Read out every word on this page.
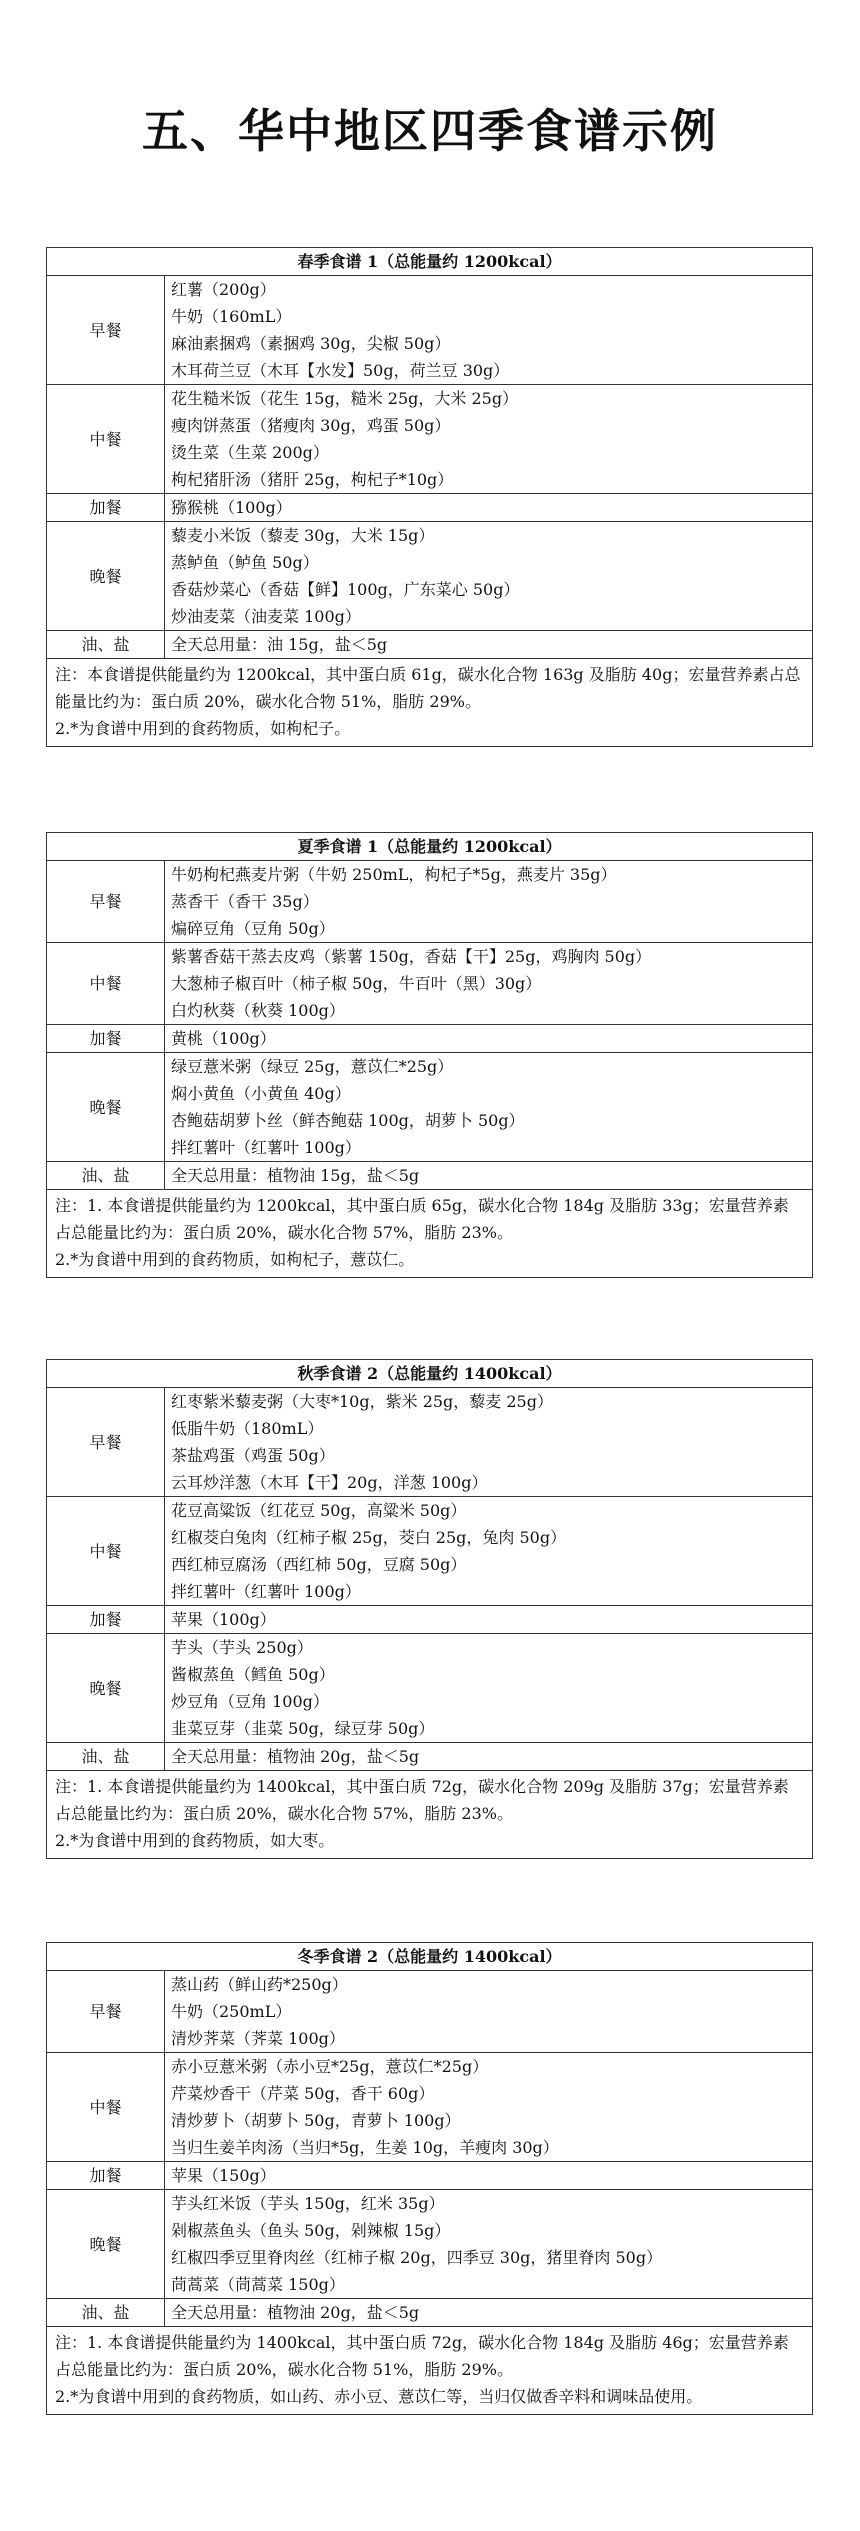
五、华中地区四季食谱示例
春季食谱 1（总能量约 1200kcal）	
早餐	红薯（200g）
牛奶（160mL）
麻油素捆鸡（素捆鸡 30g，尖椒 50g）
木耳荷兰豆（木耳【水发】50g，荷兰豆 30g）

中餐	花生糙米饭（花生 15g，糙米 25g，大米 25g）
瘦肉饼蒸蛋（猪瘦肉 30g，鸡蛋 50g）
烫生菜（生菜 200g）
枸杞猪肝汤（猪肝 25g，枸杞子*10g）

加餐	猕猴桃（100g）

晚餐	藜麦小米饭（藜麦 30g，大米 15g）
蒸鲈鱼（鲈鱼 50g）
香菇炒菜心（香菇【鲜】100g，广东菜心 50g）
炒油麦菜（油麦菜 100g）

油、盐	全天总用量：油 15g，盐＜5g

注：本食谱提供能量约为 1200kcal，其中蛋白质 61g，碳水化合物 163g 及脂肪 40g；宏量营养素占总能量比约为：蛋白质 20%，碳水化合物 51%，脂肪 29%。
2.*为食谱中用到的食药物质，如枸杞子。	
夏季食谱 1（总能量约 1200kcal）	
早餐	牛奶枸杞燕麦片粥（牛奶 250mL，枸杞子*5g，燕麦片 35g）
蒸香干（香干 35g）
煸碎豆角（豆角 50g）

中餐	紫薯香菇干蒸去皮鸡（紫薯 150g，香菇【干】25g，鸡胸肉 50g）
大葱柿子椒百叶（柿子椒 50g，牛百叶（黑）30g）
白灼秋葵（秋葵 100g）

加餐	黄桃（100g）

晚餐	绿豆薏米粥（绿豆 25g，薏苡仁*25g）
焖小黄鱼（小黄鱼 40g）
杏鲍菇胡萝卜丝（鲜杏鲍菇 100g，胡萝卜 50g）
拌红薯叶（红薯叶 100g）

油、盐	全天总用量：植物油 15g，盐＜5g

注：1. 本食谱提供能量约为 1200kcal，其中蛋白质 65g，碳水化合物 184g 及脂肪 33g；宏量营养素占总能量比约为：蛋白质 20%，碳水化合物 57%，脂肪 23%。
2.*为食谱中用到的食药物质，如枸杞子，薏苡仁。	
秋季食谱 2（总能量约 1400kcal）	
早餐	红枣紫米藜麦粥（大枣*10g，紫米 25g，藜麦 25g）
低脂牛奶（180mL）
茶盐鸡蛋（鸡蛋 50g）
云耳炒洋葱（木耳【干】20g，洋葱 100g）

中餐	花豆高粱饭（红花豆 50g，高粱米 50g）
红椒茭白兔肉（红柿子椒 25g，茭白 25g，兔肉 50g）
西红柿豆腐汤（西红柿 50g，豆腐 50g）
拌红薯叶（红薯叶 100g）

加餐	苹果（100g）

晚餐	芋头（芋头 250g）
酱椒蒸鱼（鳕鱼 50g）
炒豆角（豆角 100g）
韭菜豆芽（韭菜 50g，绿豆芽 50g）

油、盐	全天总用量：植物油 20g，盐＜5g

注：1. 本食谱提供能量约为 1400kcal，其中蛋白质 72g，碳水化合物 209g 及脂肪 37g；宏量营养素占总能量比约为：蛋白质 20%，碳水化合物 57%，脂肪 23%。
2.*为食谱中用到的食药物质，如大枣。	
冬季食谱 2（总能量约 1400kcal）	
早餐	蒸山药（鲜山药*250g）
牛奶（250mL）
清炒荠菜（荠菜 100g）

中餐	赤小豆薏米粥（赤小豆*25g，薏苡仁*25g）
芹菜炒香干（芹菜 50g，香干 60g）
清炒萝卜（胡萝卜 50g，青萝卜 100g）
当归生姜羊肉汤（当归*5g，生姜 10g，羊瘦肉 30g）

加餐	苹果（150g）

晚餐	芋头红米饭（芋头 150g，红米 35g）
剁椒蒸鱼头（鱼头 50g，剁辣椒 15g）
红椒四季豆里脊肉丝（红柿子椒 20g，四季豆 30g，猪里脊肉 50g）
茼蒿菜（茼蒿菜 150g）

油、盐	全天总用量：植物油 20g，盐＜5g

注：1. 本食谱提供能量约为 1400kcal，其中蛋白质 72g，碳水化合物 184g 及脂肪 46g；宏量营养素占总能量比约为：蛋白质 20%，碳水化合物 51%，脂肪 29%。
2.*为食谱中用到的食药物质，如山药、赤小豆、薏苡仁等，当归仅做香辛料和调味品使用。	
